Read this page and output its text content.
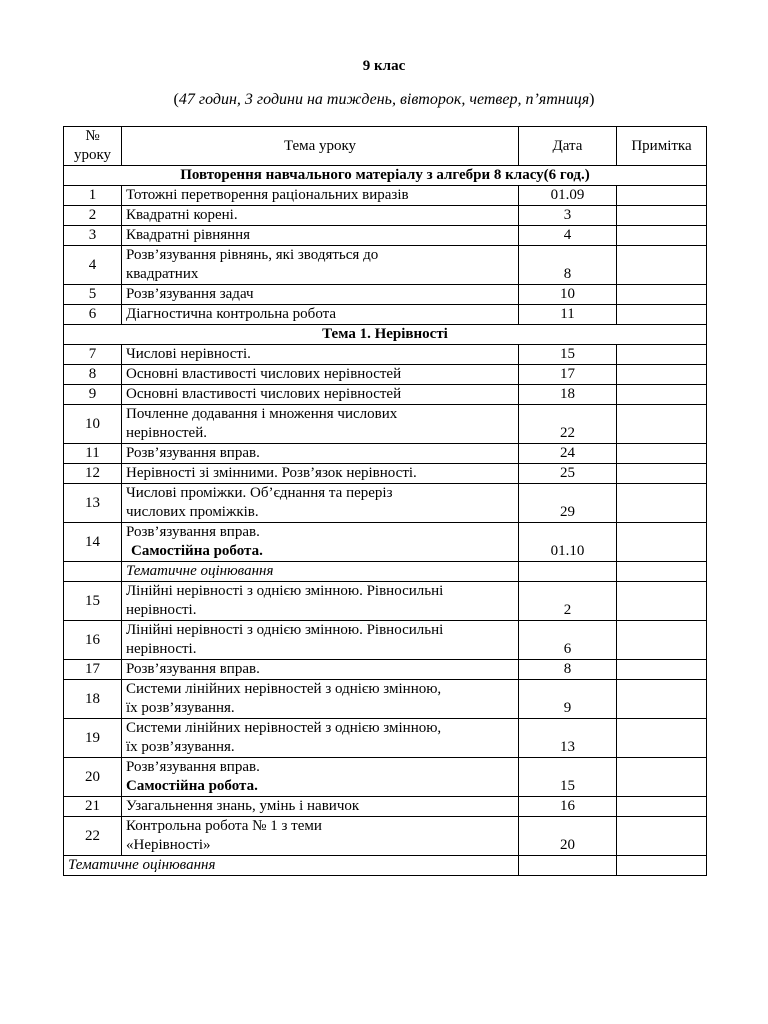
9 клас
(47 годин, 3 години на тиждень, вівторок, четвер, п’ятниця)
№
уроку	Тема уроку	Дата	Примітка
Повторення навчального матеріалу з алгебри 8 класу(6 год.)			
1	Тотожні перетворення раціональних виразів	01.09	
2	Квадратні корені.	3	
3	Квадратні рівняння	4	
4	Розв’язування рівнянь, які зводяться до
квадратних	8	
5	Розв’язування задач	10	
6	Діагностична контрольна робота	11	
Тема 1. Нерівності			
7	Числові нерівності.	15	
8	Основні властивості числових нерівностей	17	
9	Основні властивості числових нерівностей	18	
10	Почленне додавання і множення числових
нерівностей.	22	
11	Розв’язування вправ.	24	
12	Нерівності зі змінними. Розв’язок нерівності.	25	
13	Числові проміжки. Об’єднання та переріз
числових проміжків.	29	
14	Розв’язування вправ.
Самостійна робота.	01.10	
	Тематичне оцінювання		
15	Лінійні нерівності з однією змінною. Рівносильні
нерівності.	2	
16	Лінійні нерівності з однією змінною. Рівносильні
нерівності.	6	
17	Розв’язування вправ.	8	
18	Системи лінійних нерівностей з однією змінною,
їх розв’язування.	9	
19	Системи лінійних нерівностей з однією змінною,
їх розв’язування.	13	
20	Розв’язування вправ.
Самостійна робота.	15	
21	Узагальнення знань, умінь і навичок	16	
22	Контрольна робота № 1 з теми
«Нерівності»	20	
Тематичне оцінювання			
